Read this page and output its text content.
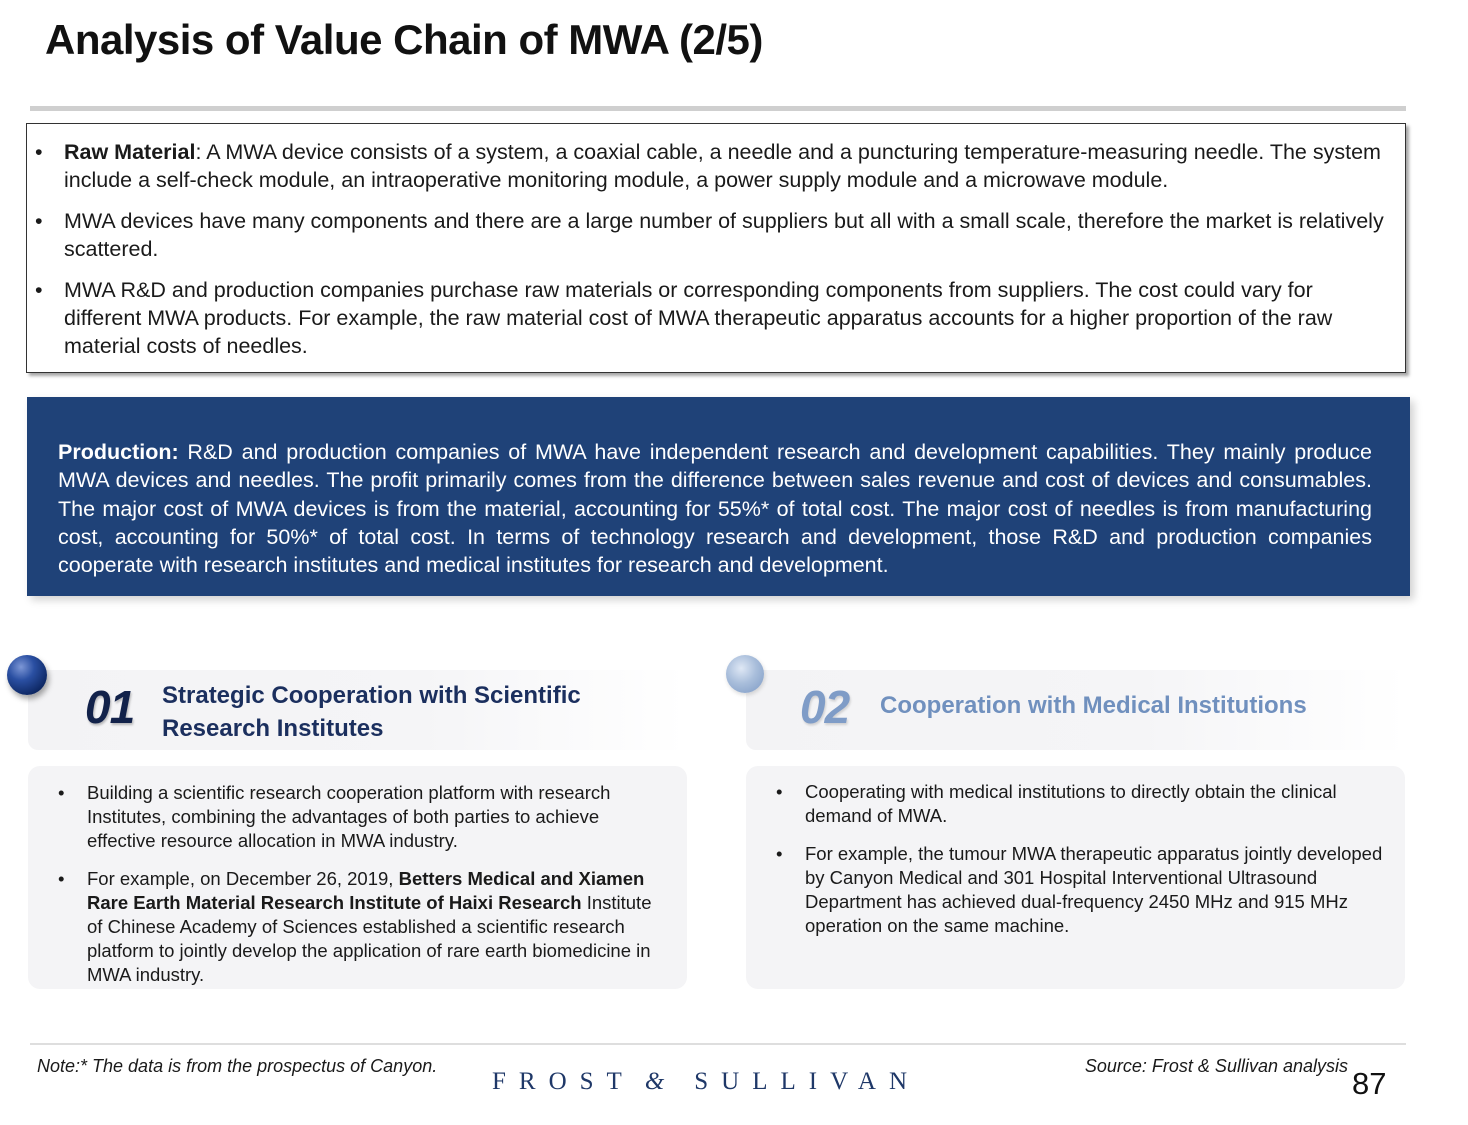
Analysis of Value Chain of MWA (2/5)
• Raw Material: A MWA device consists of a system, a coaxial cable, a needle and a puncturing temperature-measuring needle. The system include a self-check module, an intraoperative monitoring module, a power supply module and a microwave module.
• MWA devices have many components and there are a large number of suppliers but all with a small scale, therefore the market is relatively scattered.
• MWA R&D and production companies purchase raw materials or corresponding components from suppliers. The cost could vary for different MWA products. For example, the raw material cost of MWA therapeutic apparatus accounts for a higher proportion of the raw material costs of needles.

Production: R&D and production companies of MWA have independent research and development capabilities. They mainly produce MWA devices and needles. The profit primarily comes from the difference between sales revenue and cost of devices and consumables. The major cost of MWA devices is from the material, accounting for 55%* of total cost. The major cost of needles is from manufacturing cost, accounting for 50%* of total cost. In terms of technology research and development, those R&D and production companies cooperate with research institutes and medical institutes for research and development.

01 Strategic Cooperation with Scientific Research Institutes
• Building a scientific research cooperation platform with research Institutes, combining the advantages of both parties to achieve effective resource allocation in MWA industry.
• For example, on December 26, 2019, Betters Medical and Xiamen Rare Earth Material Research Institute of Haixi Research Institute of Chinese Academy of Sciences established a scientific research platform to jointly develop the application of rare earth biomedicine in MWA industry.
02 Cooperation with Medical Institutions
• Cooperating with medical institutions to directly obtain the clinical demand of MWA.
• For example, the tumour MWA therapeutic apparatus jointly developed by Canyon Medical and 301 Hospital Interventional Ultrasound Department has achieved dual-frequency 2450 MHz and 915 MHz operation on the same machine.

Note:* The data is from the prospectus of Canyon.	Source: Frost & Sullivan analysis

FROST & SULLIVAN	87
